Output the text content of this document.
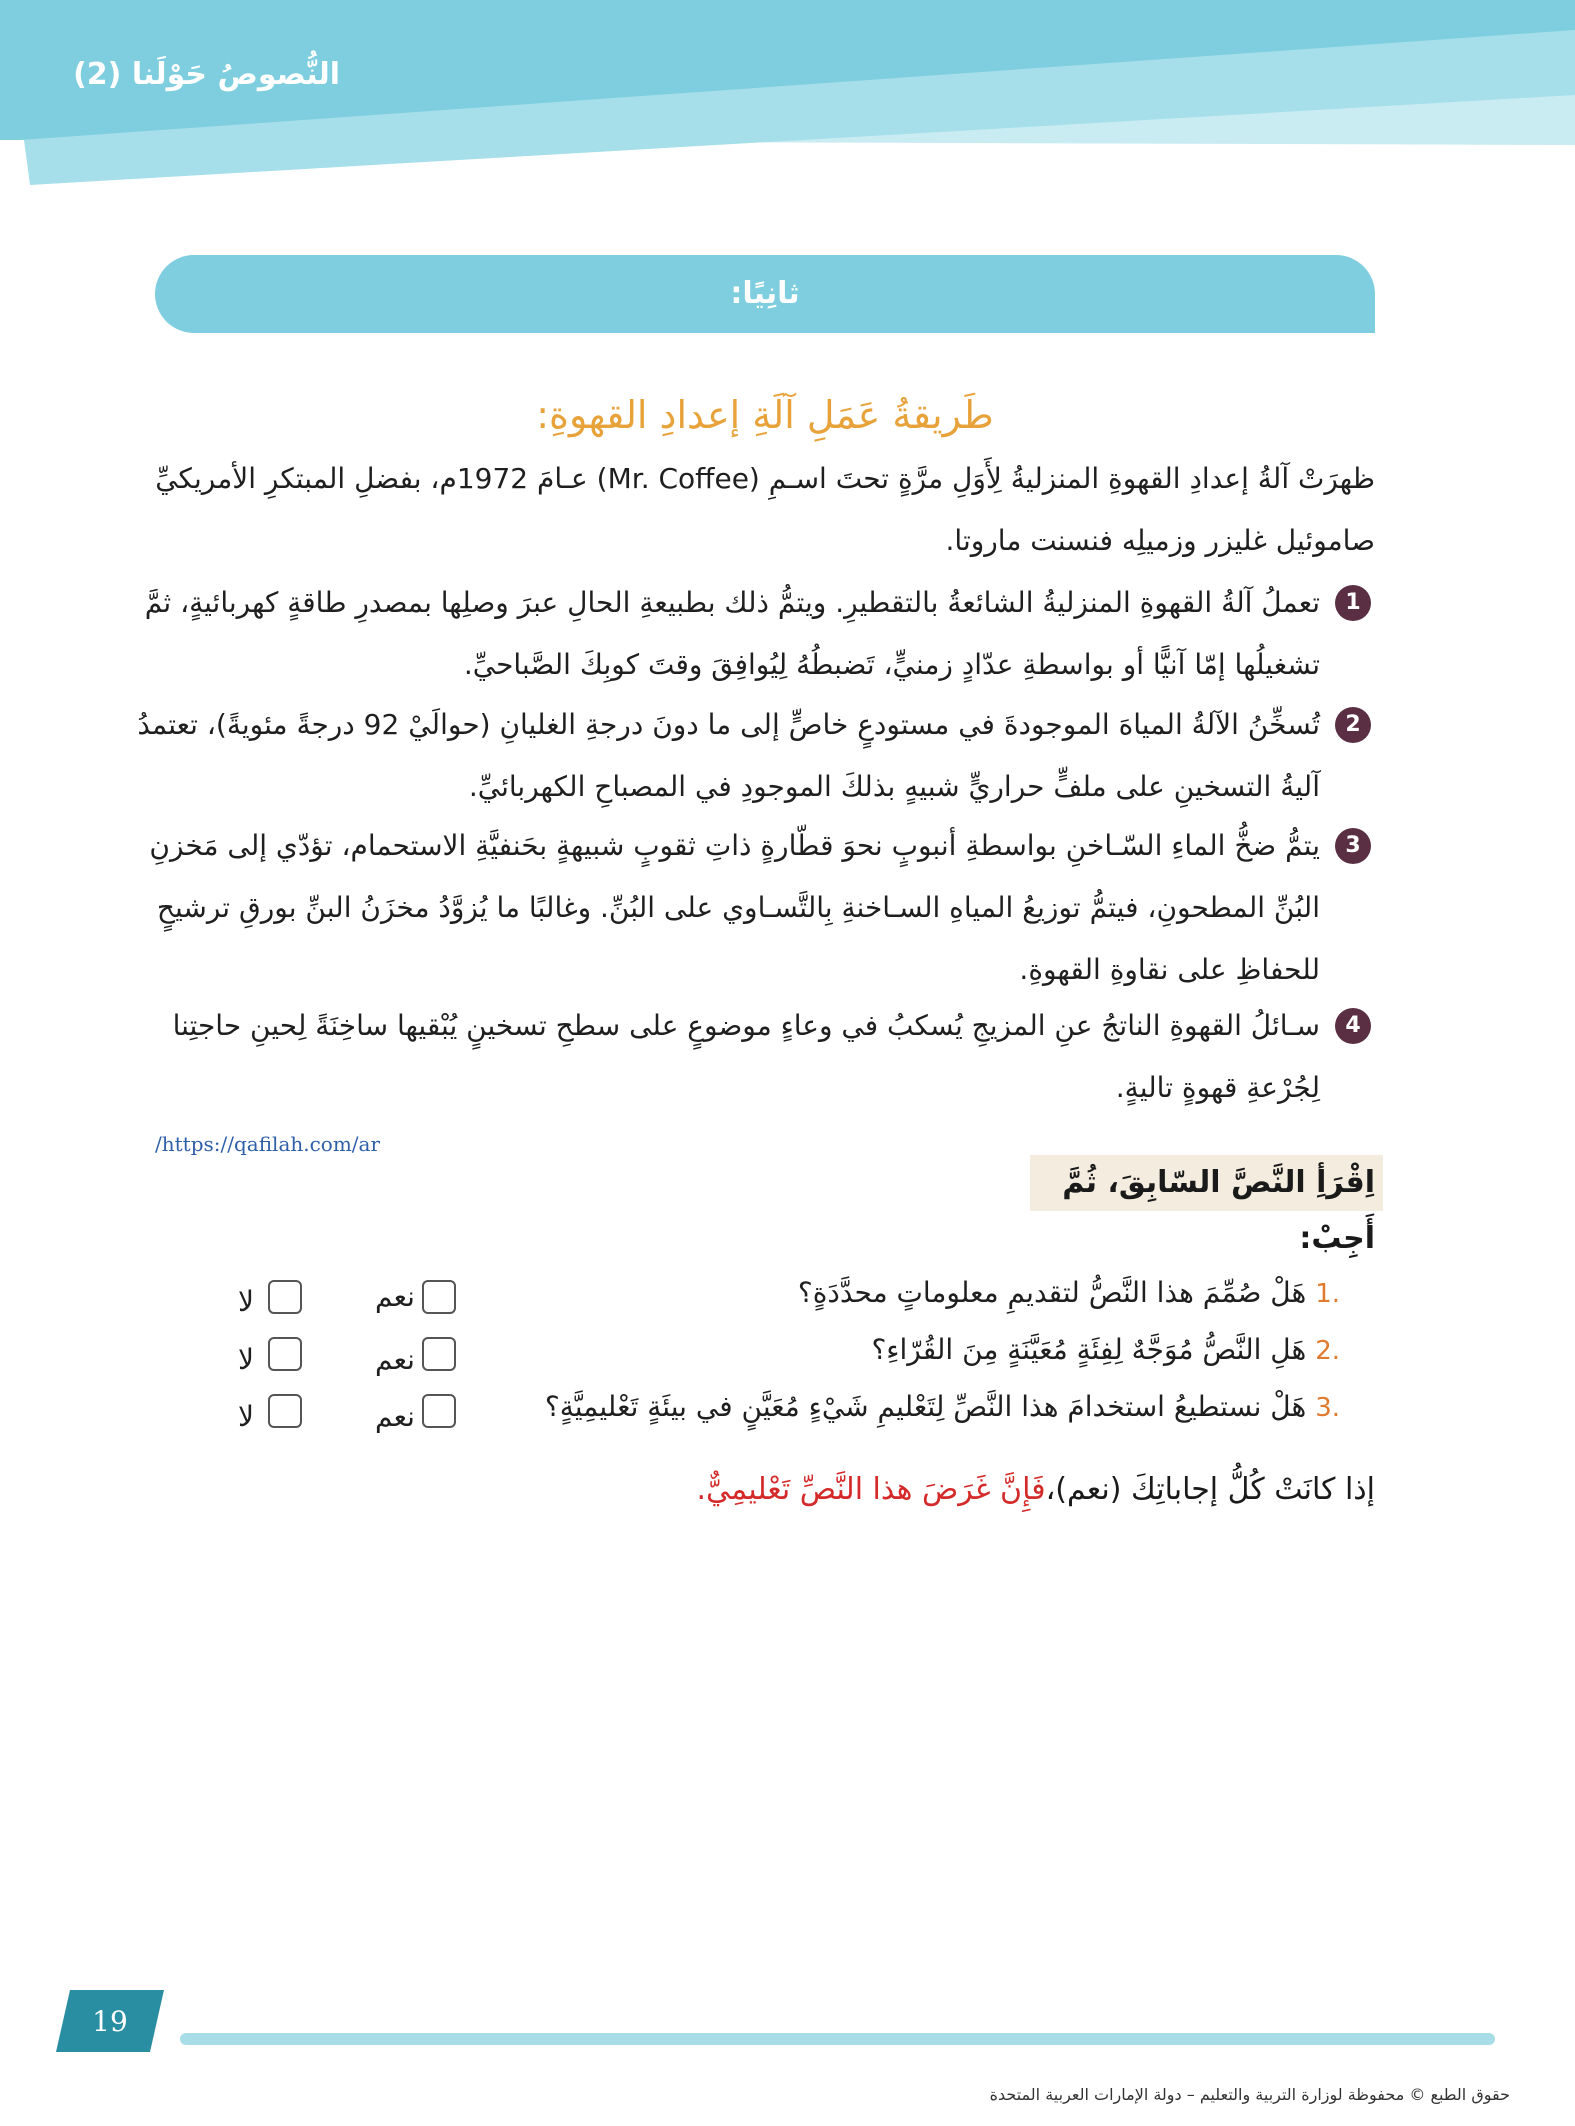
النُّصوصُ حَوْلَنا (2)
ثانِيًا:
طَريقةُ عَمَلِ آلَةِ إعدادِ القهوةِ:
ظهرَتْ آلةُ إعدادِ القهوةِ المنزليةُ لِأَوَلِ مرَّةٍ تحتَ اسـمِ (Mr. Coffee) عـامَ 1972م، بفضلِ المبتكرِ الأمريكيِّ صاموئيل غليزر وزميلِه فنسنت ماروتا.
1
تعملُ آلةُ القهوةِ المنزليةُ الشائعةُ بالتقطيرِ. ويتمُّ ذلك بطبيعةِ الحالِ عبرَ وصلِها بمصدرِ طاقةٍ كهربائيةٍ، ثمَّ تشغيلُها إمّا آنيًّا أو بواسطةِ عدّادٍ زمنيٍّ، تَضبطُهُ لِيُوافِقَ وقتَ كوبِكَ الصَّباحيِّ.
2
تُسخِّنُ الآلةُ المياهَ الموجودةَ في مستودعٍ خاصٍّ إلى ما دونَ درجةِ الغليانِ (حوالَيْ 92 درجةً مئويةً)، تعتمدُ آليةُ التسخينِ على ملفٍّ حراريٍّ شبيهٍ بذلكَ الموجودِ في المصباحِ الكهربائيِّ.
3
يتمُّ ضخُّ الماءِ السّـاخنِ بواسطةِ أنبوبٍ نحوَ قطّارةٍ ذاتِ ثقوبٍ شبيهةٍ بحَنفيَّةِ الاستحمام، تؤدّي إلى مَخزنِ البُنِّ المطحونِ، فيتمُّ توزيعُ المياهِ السـاخنةِ بِالتَّسـاوي على البُنِّ. وغالبًا ما يُزوَّدُ مخزَنُ البنِّ بورقِ ترشيحٍ للحفاظِ على نقاوةِ القهوةِ.
4
سـائلُ القهوةِ الناتجُ عنِ المزيجِ يُسكبُ في وعاءٍ موضوعٍ على سطحِ تسخينٍ يُبْقيها ساخِنَةً لِحينِ حاجتِنا لِجُرْعةِ قهوةٍ تاليةٍ.
/https://qafilah.com/ar
اِقْرَأِ النَّصَّ السّابِقَ، ثُمَّ أَجِبْ:
.1 هَلْ صُمِّمَ هذا النَّصُّ لتقديمِ معلوماتٍ محدَّدَةٍ؟
نعم
لا
.2 هَلِ النَّصُّ مُوَجَّهٌ لِفِئَةٍ مُعَيَّنَةٍ مِنَ القُرّاءِ؟
نعم
لا
.3 هَلْ نستطيعُ استخدامَ هذا النَّصِّ لِتَعْليمِ شَيْءٍ مُعَيَّنٍ في بيئَةٍ تَعْليمِيَّةٍ؟
نعم
لا
إذا كانَتْ كُلُّ إجاباتِكَ (نعم)،فَإِنَّ غَرَضَ هذا النَّصِّ تَعْليمِيٌّ.
19
حقوق الطبع © محفوظة لوزارة التربية والتعليم – دولة الإمارات العربية المتحدة
